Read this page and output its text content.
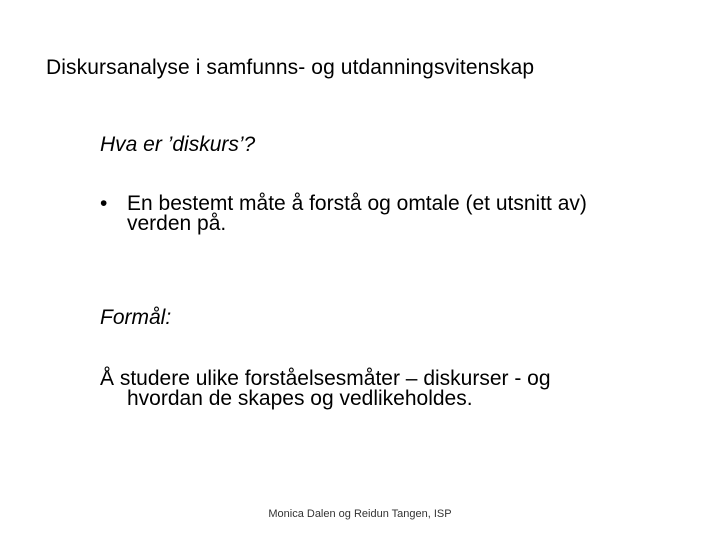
Diskursanalyse i samfunns- og utdanningsvitenskap
Hva er ’diskurs’?
• En bestemt måte å forstå og omtale (et utsnitt av)
verden på.
Formål:
Å studere ulike forståelsesmåter – diskurser - og
hvordan de skapes og vedlikeholdes.
Monica Dalen og Reidun Tangen, ISP
